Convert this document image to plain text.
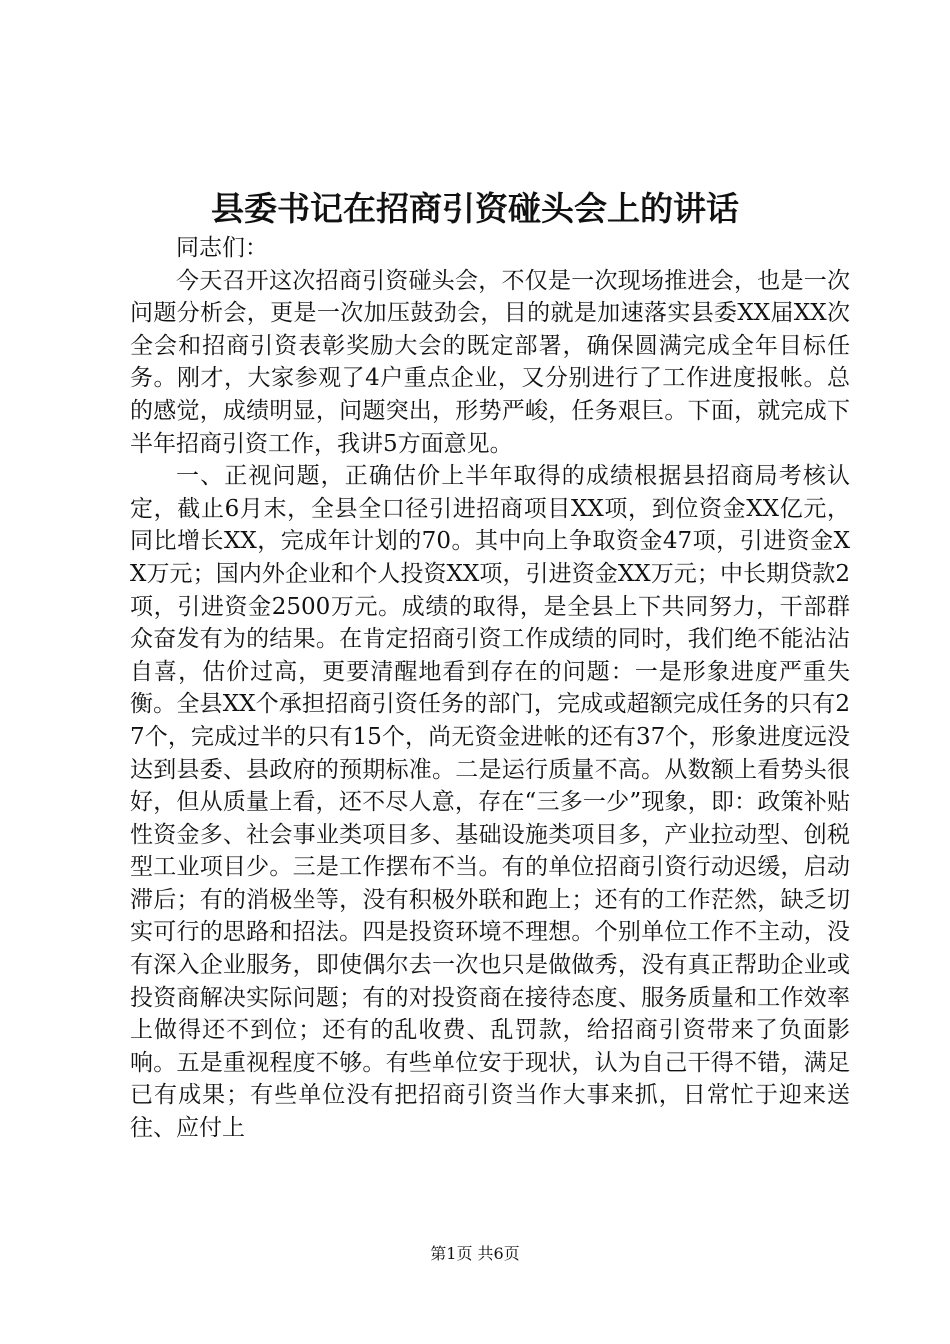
县委书记在招商引资碰头会上的讲话

同志们：

今天召开这次招商引资碰头会，不仅是一次现场推进会，也是一次问题分析会，更是一次加压鼓劲会，目的就是加速落实县委XX届XX次全会和招商引资表彰奖励大会的既定部署，确保圆满完成全年目标任务。刚才，大家参观了4户重点企业，又分别进行了工作进度报帐。总的感觉，成绩明显，问题突出，形势严峻，任务艰巨。下面，就完成下半年招商引资工作，我讲5方面意见。

一、正视问题，正确估价上半年取得的成绩根据县招商局考核认定，截止6月末，全县全口径引进招商项目XX项，到位资金XX亿元，同比增长XX，完成年计划的70。其中向上争取资金47项，引进资金XX万元；国内外企业和个人投资XX项，引进资金XX万元；中长期贷款2项，引进资金2500万元。成绩的取得，是全县上下共同努力，干部群众奋发有为的结果。在肯定招商引资工作成绩的同时，我们绝不能沾沾自喜，估价过高，更要清醒地看到存在的问题：一是形象进度严重失衡。全县XX个承担招商引资任务的部门，完成或超额完成任务的只有27个，完成过半的只有15个，尚无资金进帐的还有37个，形象进度远没达到县委、县政府的预期标准。二是运行质量不高。从数额上看势头很好，但从质量上看，还不尽人意，存在“三多一少”现象，即：政策补贴性资金多、社会事业类项目多、基础设施类项目多，产业拉动型、创税型工业项目少。三是工作摆布不当。有的单位招商引资行动迟缓，启动滞后；有的消极坐等，没有积极外联和跑上；还有的工作茫然，缺乏切实可行的思路和招法。四是投资环境不理想。个别单位工作不主动，没有深入企业服务，即使偶尔去一次也只是做做秀，没有真正帮助企业或投资商解决实际问题；有的对投资商在接待态度、服务质量和工作效率上做得还不到位；还有的乱收费、乱罚款，给招商引资带来了负面影响。五是重视程度不够。有些单位安于现状，认为自己干得不错，满足已有成果；有些单位没有把招商引资当作大事来抓，日常忙于迎来送往、应付上

第1页 共6页
